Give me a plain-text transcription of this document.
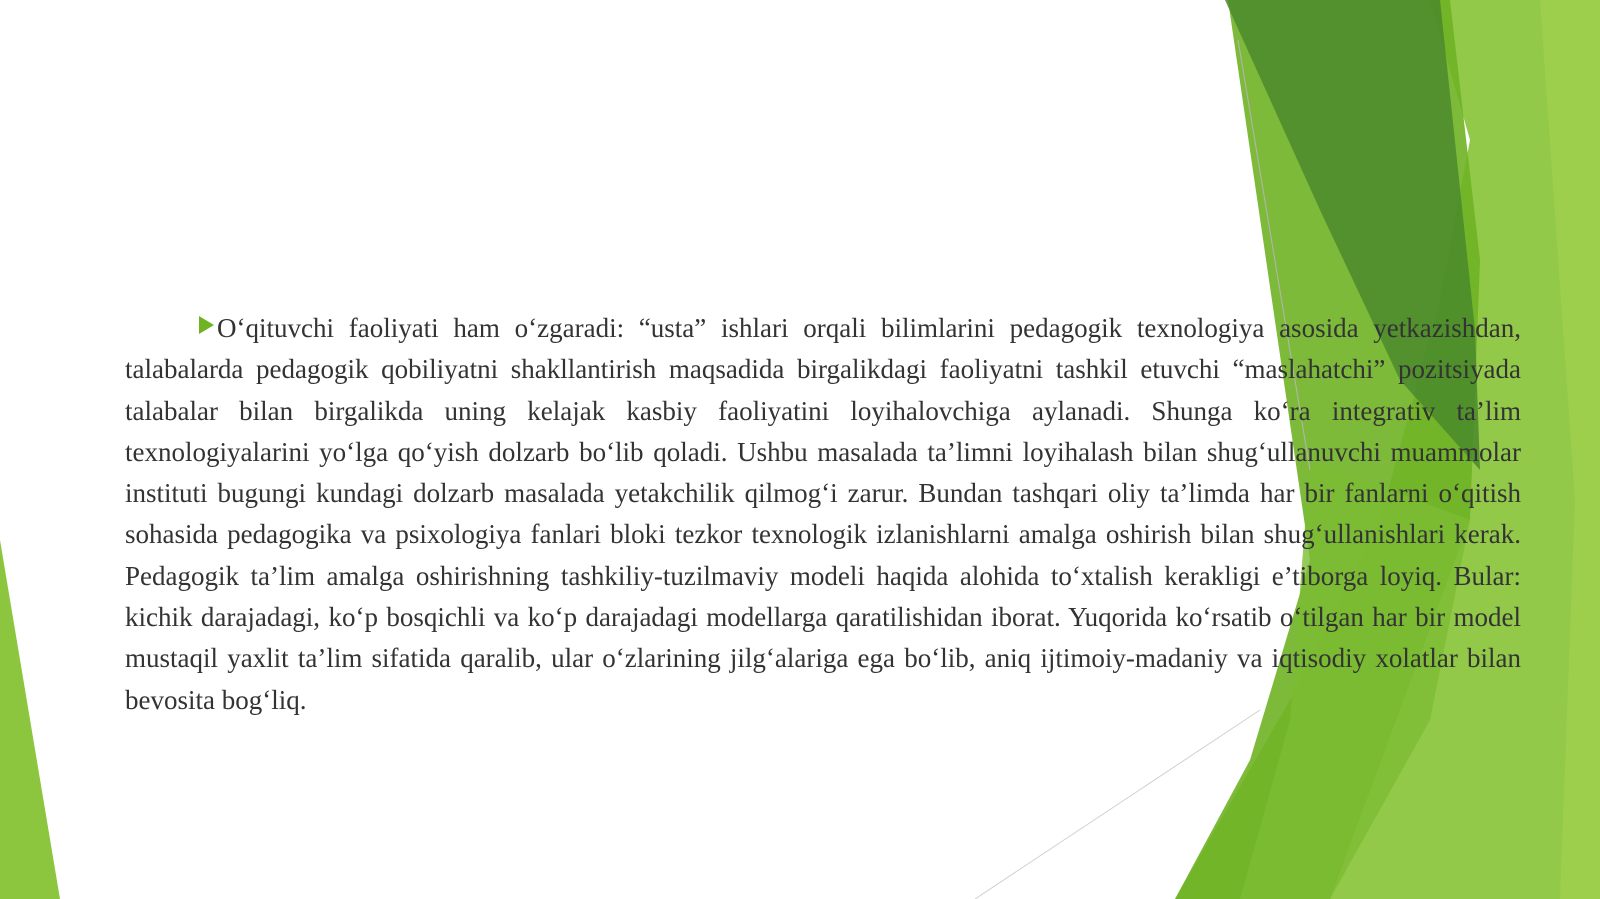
O‘qituvchi faoliyati ham o‘zgaradi: “usta” ishlari orqali bilimlarini pedagogik texnologiya asosida yetkazishdan, talabalarda pedagogik qobiliyatni shakllantirish maqsadida birgalikdagi faoliyatni tashkil etuvchi “maslahatchi” pozitsiyada talabalar bilan birgalikda uning kelajak kasbiy faoliyatini loyihalovchiga aylanadi. Shunga ko‘ra integrativ ta’lim texnologiyalarini yo‘lga qo‘yish dolzarb bo‘lib qoladi. Ushbu masalada ta’limni loyihalash bilan shug‘ullanuvchi muammolar instituti bugungi kundagi dolzarb masalada yetakchilik qilmog‘i zarur. Bundan tashqari oliy ta’limda har bir fanlarni o‘qitish sohasida pedagogika va psixologiya fanlari bloki tezkor texnologik izlanishlarni amalga oshirish bilan shug‘ullanishlari kerak. Pedagogik ta’lim amalga oshirishning tashkiliy-tuzilmaviy modeli haqida alohida to‘xtalish kerakligi e’tiborga loyiq. Bular: kichik darajadagi, ko‘p bosqichli va ko‘p darajadagi modellarga qaratilishidan iborat. Yuqorida ko‘rsatib o‘tilgan har bir model mustaqil yaxlit ta’lim sifatida qaralib, ular o‘zlarining jilg‘alariga ega bo‘lib, aniq ijtimoiy-madaniy va iqtisodiy xolatlar bilan bevosita bog‘liq.
